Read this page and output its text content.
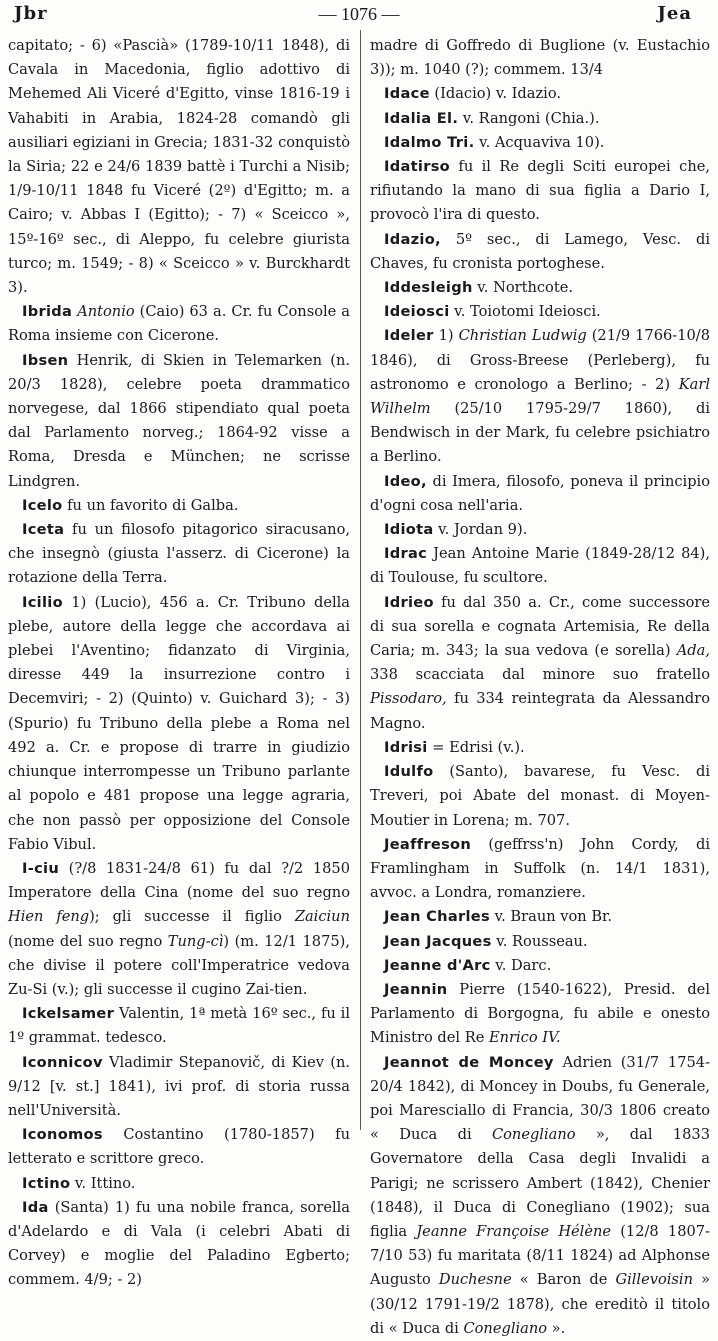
Jbr	— 1076 —	Jea

capitato; - 6) «Pascià» (1789-10/11 1848), di Cavala in Macedonia, figlio adottivo di Mehemed Ali Viceré d'Egitto, vinse 1816-19 i Vahabiti in Arabia, 1824-28 comandò gli ausiliari egiziani in Grecia; 1831-32 conquistò la Siria; 22 e 24/6 1839 battè i Turchi a Nisib; 1/9-10/11 1848 fu Viceré (2º) d'Egitto; m. a Cairo; v. Abbas I (Egitto); - 7) « Sceicco », 15º-16º sec., di Aleppo, fu celebre giurista turco; m. 1549; - 8) « Sceicco » v. Burckhardt 3).

Ibrida Antonio (Caio) 63 a. Cr. fu Console a Roma insieme con Cicerone.

Ibsen Henrik, di Skien in Telemarken (n. 20/3 1828), celebre poeta drammatico norvegese, dal 1866 stipendiato qual poeta dal Parlamento norveg.; 1864-92 visse a Roma, Dresda e München; ne scrisse Lindgren.

Icelo fu un favorito di Galba.

Iceta fu un filosofo pitagorico siracusano, che insegnò (giusta l'asserz. di Cicerone) la rotazione della Terra.

Icilio 1) (Lucio), 456 a. Cr. Tribuno della plebe, autore della legge che accordava ai plebei l'Aventino; fidanzato di Virginia, diresse 449 la insurrezione contro i Decemviri; - 2) (Quinto) v. Guichard 3); - 3) (Spurio) fu Tribuno della plebe a Roma nel 492 a. Cr. e propose di trarre in giudizio chiunque interrompesse un Tribuno parlante al popolo e 481 propose una legge agraria, che non passò per opposizione del Console Fabio Vibul.

I-ciu (?/8 1831-24/8 61) fu dal ?/2 1850 Imperatore della Cina (nome del suo regno Hien feng); gli successe il figlio Zaiciun (nome del suo regno Tung-cì) (m. 12/1 1875), che divise il potere coll'Imperatrice vedova Zu-Si (v.); gli successe il cugino Zai-tien.

Ickelsamer Valentin, 1ª metà 16º sec., fu il 1º grammat. tedesco.

Iconnicov Vladimir Stepanovič, di Kiev (n. 9/12 [v. st.] 1841), ivi prof. di storia russa nell'Università.

Iconomos Costantino (1780-1857) fu letterato e scrittore greco.

Ictino v. Ittino.

Ida (Santa) 1) fu una nobile franca, sorella d'Adelardo e di Vala (i celebri Abati di Corvey) e moglie del Paladino Egberto; commem. 4/9; - 2)

madre di Goffredo di Buglione (v. Eustachio 3)); m. 1040 (?); commem. 13/4

Idace (Idacio) v. Idazio.

Idalia El. v. Rangoni (Chia.).

Idalmo Tri. v. Acquaviva 10).

Idatirso fu il Re degli Sciti europei che, rifiutando la mano di sua figlia a Dario I, provocò l'ira di questo.

Idazio, 5º sec., di Lamego, Vesc. di Chaves, fu cronista portoghese.

Iddesleigh v. Northcote.

Ideiosci v. Toiotomi Ideiosci.

Ideler 1) Christian Ludwig (21/9 1766-10/8 1846), di Gross-Breese (Perleberg), fu astronomo e cronologo a Berlino; - 2) Karl Wilhelm (25/10 1795-29/7 1860), di Bendwisch in der Mark, fu celebre psichiatro a Berlino.

Ideo, di Imera, filosofo, poneva il principio d'ogni cosa nell'aria.

Idiota v. Jordan 9).

Idrac Jean Antoine Marie (1849-28/12 84), di Toulouse, fu scultore.

Idrieo fu dal 350 a. Cr., come successore di sua sorella e cognata Artemisia, Re della Caria; m. 343; la sua vedova (e sorella) Ada, 338 scacciata dal minore suo fratello Pissodaro, fu 334 reintegrata da Alessandro Magno.

Idrisi = Edrisi (v.).

Idulfo (Santo), bavarese, fu Vesc. di Treveri, poi Abate del monast. di Moyen-Moutier in Lorena; m. 707.

Jeaffreson (geffrss'n) John Cordy, di Framlingham in Suffolk (n. 14/1 1831), avvoc. a Londra, romanziere.

Jean Charles v. Braun von Br.

Jean Jacques v. Rousseau.

Jeanne d'Arc v. Darc.

Jeannin Pierre (1540-1622), Presid. del Parlamento di Borgogna, fu abile e onesto Ministro del Re Enrico IV.

Jeannot de Moncey Adrien (31/7 1754-20/4 1842), di Moncey in Doubs, fu Generale, poi Maresciallo di Francia, 30/3 1806 creato « Duca di Conegliano », dal 1833 Governatore della Casa degli Invalidi a Parigi; ne scrissero Ambert (1842), Chenier (1848), il Duca di Conegliano (1902); sua figlia Jeanne Françoise Hélène (12/8 1807-7/10 53) fu maritata (8/11 1824) ad Alphonse Augusto Duchesne « Baron de Gillevoisin » (30/12 1791-19/2 1878), che ereditò il titolo di « Duca di Conegliano ».
